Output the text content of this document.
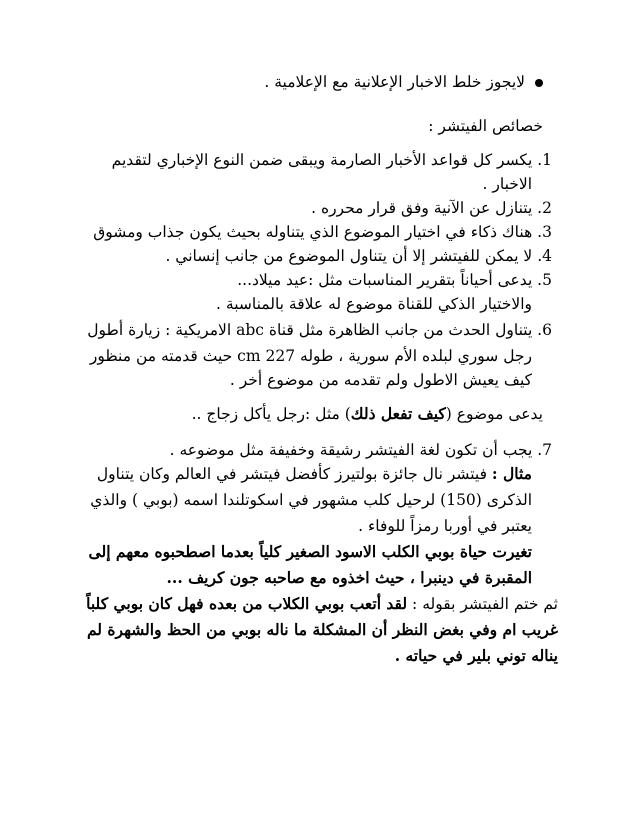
لايجوز خلط الاخبار الإعلانية مع الإعلامية .
خصائص الفيتشر :
1. يكسر كل قواعد الأخبار الصارمة ويبقى ضمن النوع الإخباري لتقديم
الاخبار .
2. يتنازل عن الآنية وفق قرار محرره .
3. هناك ذكاء في اختيار الموضوع الذي يتناوله بحيث يكون جذاب ومشوق
4. لا يمكن للفيتشر إلا أن يتناول الموضوع من جانب إنساني .
5. يدعى أحياناً بتقرير المناسبات مثل :عيد ميلاد...
والاختيار الذكي للقناة موضوع له علاقة بالمناسبة .
6. يتناول الحدث من جانب الظاهرة مثل قناة abc الامريكية : زيارة أطول
رجل سوري لبلده الأم سورية ، طوله 227 cm حيث قدمته من منظور
كيف يعيش الاطول ولم تقدمه من موضوع أخر .
يدعى موضوع (كيف تفعل ذلك) مثل :رجل يأكل زجاج ..
7. يجب أن تكون لغة الفيتشر رشيقة وخفيفة مثل موضوعه .
مثال : فيتشر نال جائزة بولتيرز كأفضل فيتشر في العالم وكان يتناول
الذكرى (150) لرحيل كلب مشهور في اسكوتلندا اسمه (بوبي ) والذي
يعتبر في أوربا رمزاً للوفاء .
تغيرت حياة بوبي الكلب الاسود الصغير كلياً بعدما اصطحبوه معهم إلى
المقبرة في دينبرا ، حيث اخذوه مع صاحبه جون كريف ...
ثم ختم الفيتشر بقوله : لقد أتعب بوبي الكلاب من بعده فهل كان بوبي كلباً
غريب ام وفي بغض النظر أن المشكلة ما ناله بوبي من الحظ والشهرة لم
يناله توني بلير في حياته .
